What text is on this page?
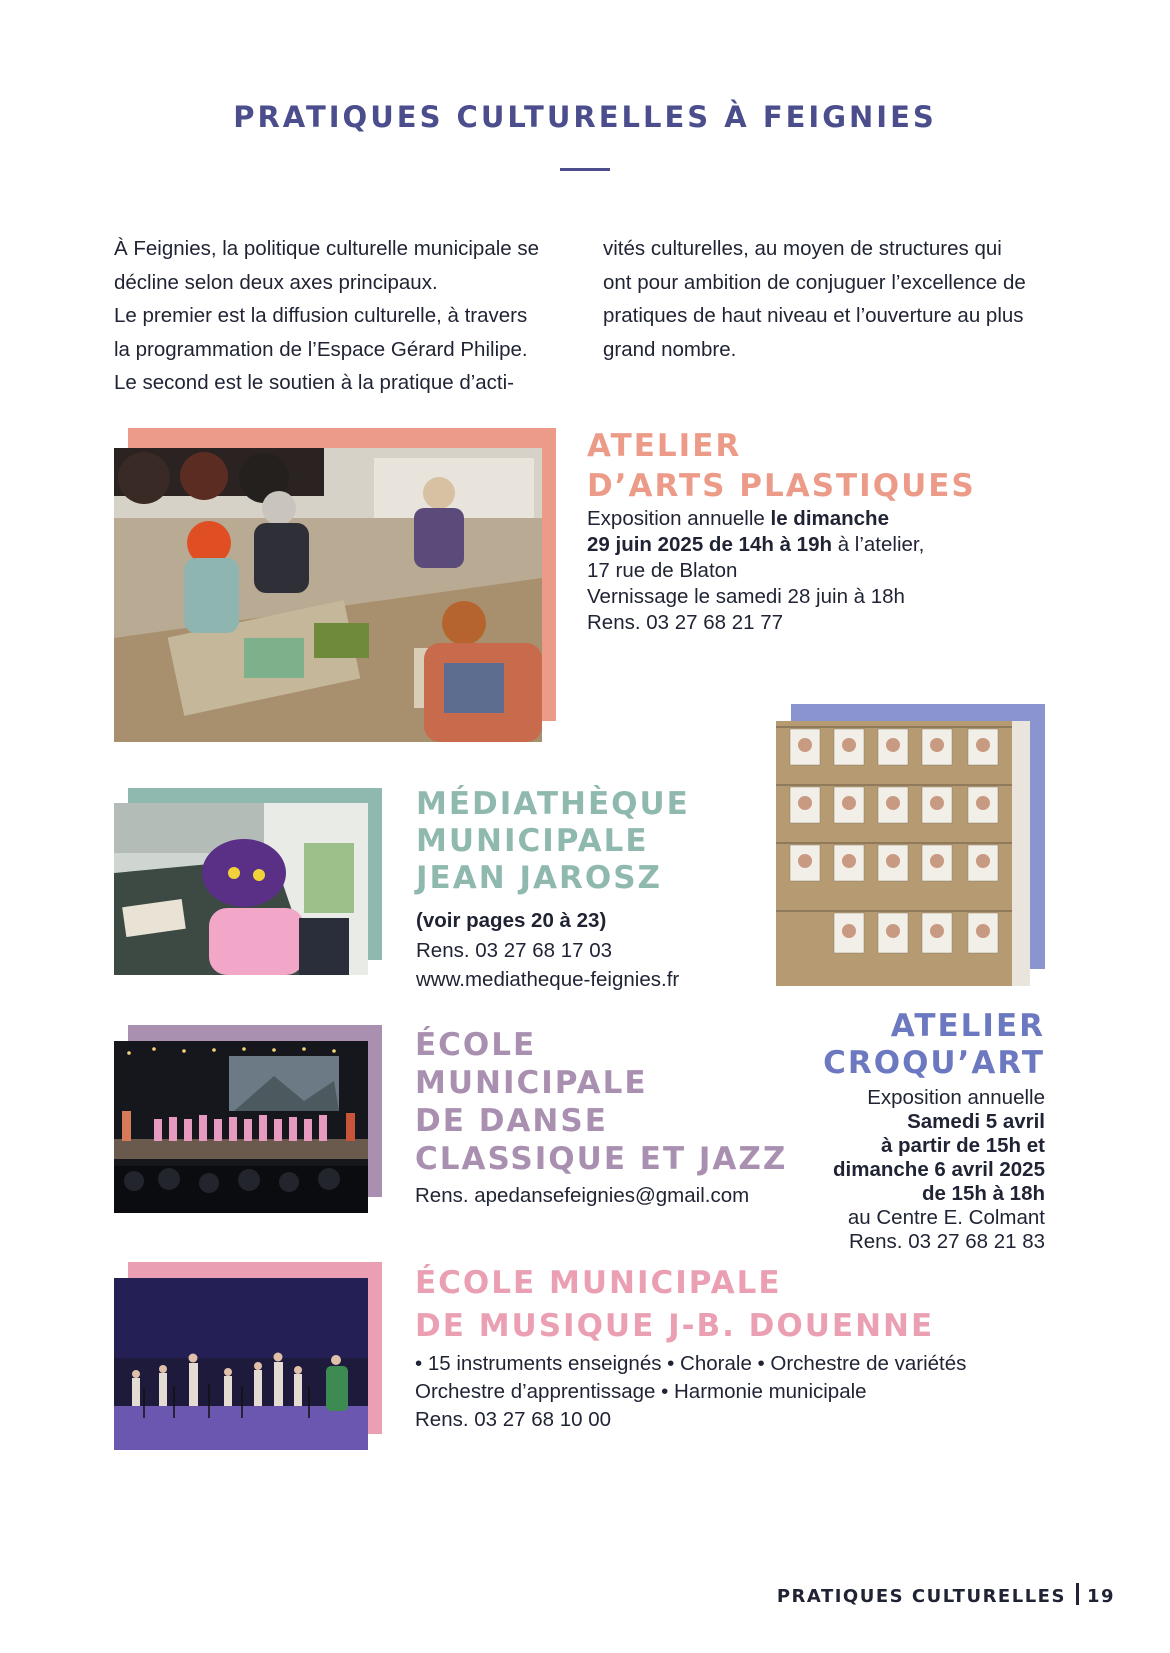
PRATIQUES CULTURELLES À FEIGNIES

À Feignies, la politique culturelle municipale se

décline selon deux axes principaux.

Le premier est la diffusion culturelle, à travers

la programmation de l’Espace Gérard Philipe.

Le second est le soutien à la pratique d’acti-

vités culturelles, au moyen de structures qui

ont pour ambition de conjuguer l’excellence de

pratiques de haut niveau et l’ouverture au plus

grand nombre.

ATELIER
D’ARTS PLASTIQUES

Exposition annuelle le dimanche

29 juin 2025 de 14h à 19h à l’atelier,

17 rue de Blaton

Vernissage le samedi 28 juin à 18h

Rens. 03 27 68 21 77

MÉDIATHÈQUE
MUNICIPALE
JEAN JAROSZ

(voir pages 20 à 23)

Rens. 03 27 68 17 03

www.mediatheque-feignies.fr

ÉCOLE
MUNICIPALE
DE DANSE
CLASSIQUE ET JAZZ

Rens. apedansefeignies@gmail.com

ATELIER
CROQU’ART

Exposition annuelle

Samedi 5 avril

à partir de 15h et

dimanche 6 avril 2025

de 15h à 18h

au Centre E. Colmant

Rens. 03 27 68 21 83

ÉCOLE MUNICIPALE
DE MUSIQUE J-B. DOUENNE

• 15 instruments enseignés • Chorale • Orchestre de variétés

Orchestre d’apprentissage • Harmonie municipale

Rens. 03 27 68 10 00

PRATIQUES CULTURELLES 19
